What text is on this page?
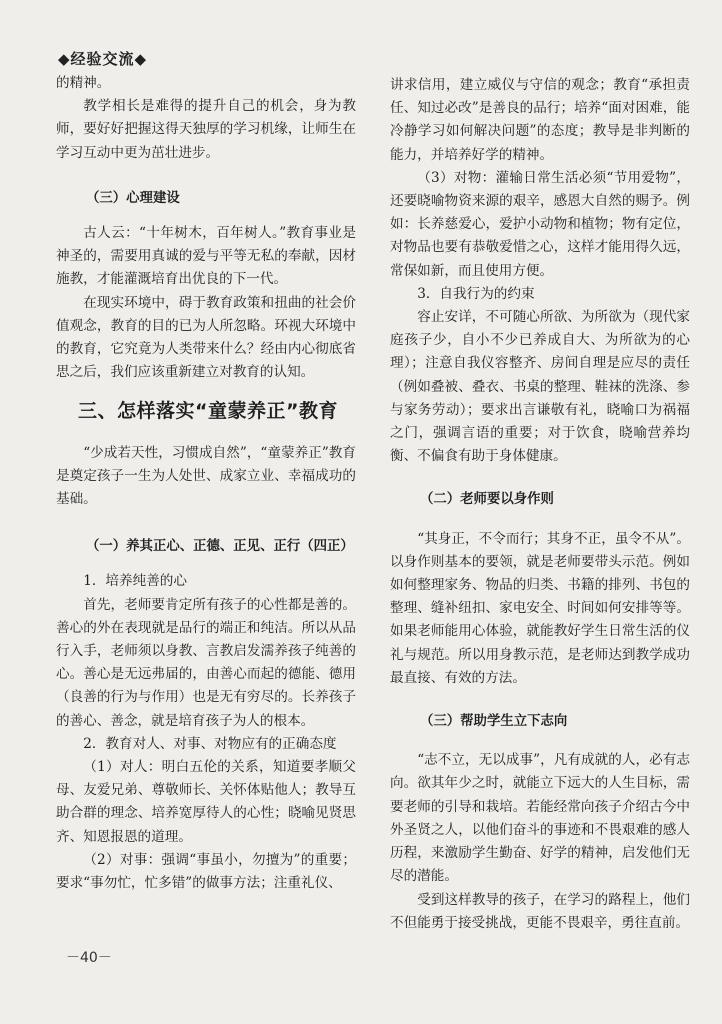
◆经验交流◆

的精神。

教学相长是难得的提升自己的机会，身为教师，要好好把握这得天独厚的学习机缘，让师生在学习互动中更为茁壮进步。

（三）心理建设

古人云：“十年树木，百年树人。”教育事业是神圣的，需要用真诚的爱与平等无私的奉献，因材施教，才能灌溉培育出优良的下一代。

在现实环境中，碍于教育政策和扭曲的社会价值观念，教育的目的已为人所忽略。环视大环境中的教育，它究竟为人类带来什么？经由内心彻底省思之后，我们应该重新建立对教育的认知。

三、怎样落实“童蒙养正”教育

“少成若天性，习惯成自然”，“童蒙养正”教育是奠定孩子一生为人处世、成家立业、幸福成功的基础。

（一）养其正心、正德、正见、正行（四正）

1．培养纯善的心

首先，老师要肯定所有孩子的心性都是善的。善心的外在表现就是品行的端正和纯洁。所以从品行入手，老师须以身教、言教启发濡养孩子纯善的心。善心是无远弗届的，由善心而起的德能、德用（良善的行为与作用）也是无有穷尽的。长养孩子的善心、善念，就是培育孩子为人的根本。

2．教育对人、对事、对物应有的正确态度

（1）对人：明白五伦的关系，知道要孝顺父母、友爱兄弟、尊敬师长、关怀体贴他人；教导互助合群的理念、培养宽厚待人的心性；晓喻见贤思齐、知恩报恩的道理。

（2）对事：强调“事虽小，勿擅为”的重要；要求“事勿忙，忙多错”的做事方法；注重礼仪、

讲求信用，建立威仪与守信的观念；教育“承担责任、知过必改”是善良的品行；培养“面对困难，能冷静学习如何解决问题”的态度；教导是非判断的能力，并培养好学的精神。

（3）对物：灌输日常生活必须“节用爱物”，还要晓喻物资来源的艰辛，感恩大自然的赐予。例如：长养慈爱心，爱护小动物和植物；物有定位，对物品也要有恭敬爱惜之心，这样才能用得久远，常保如新，而且使用方便。

3．自我行为的约束

容止安详，不可随心所欲、为所欲为（现代家庭孩子少，自小不少已养成自大、为所欲为的心理）；注意自我仪容整齐、房间自理是应尽的责任（例如叠被、叠衣、书桌的整理、鞋袜的洗涤、参与家务劳动）；要求出言谦敬有礼，晓喻口为祸福之门，强调言语的重要；对于饮食，晓喻营养均衡、不偏食有助于身体健康。

（二）老师要以身作则

“其身正，不令而行；其身不正，虽令不从”。以身作则基本的要领，就是老师要带头示范。例如如何整理家务、物品的归类、书籍的排列、书包的整理、缝补纽扣、家电安全、时间如何安排等等。如果老师能用心体验，就能教好学生日常生活的仪礼与规范。所以用身教示范，是老师达到教学成功最直接、有效的方法。

（三）帮助学生立下志向

“志不立，无以成事”，凡有成就的人，必有志向。欲其年少之时，就能立下远大的人生目标，需要老师的引导和栽培。若能经常向孩子介绍古今中外圣贤之人，以他们奋斗的事迹和不畏艰难的感人历程，来激励学生勤奋、好学的精神，启发他们无尽的潜能。

受到这样教导的孩子，在学习的路程上，他们不但能勇于接受挑战，更能不畏艰辛，勇往直前。

－40－
